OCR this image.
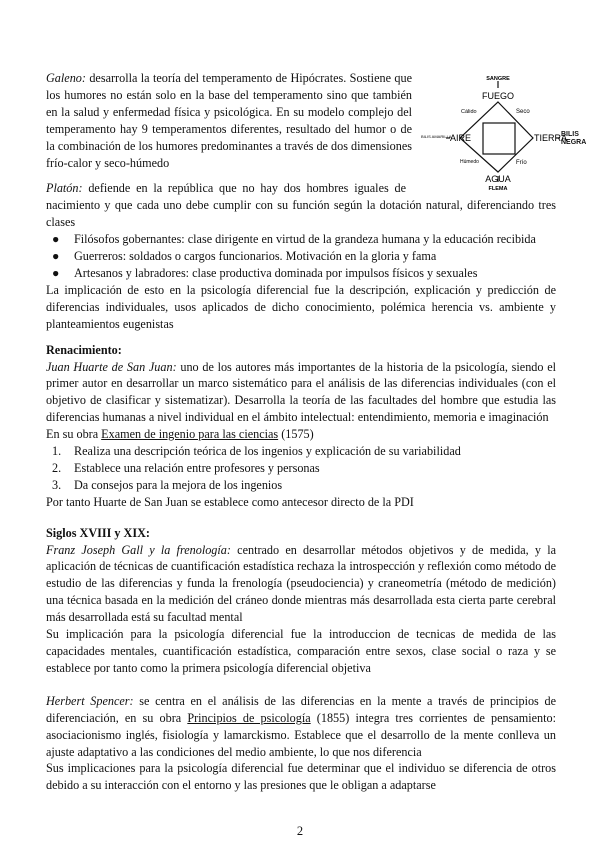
SANGRE
FUEGO
BILIS AMARILLA
AIRE	TIERRA
AGUA
FLEMA
Cálido	Seco
Húmedo	Frío
BILIS NEGRA

Galeno: desarrolla la teoría del temperamento de Hipócrates. Sostiene que los humores no están solo en la base del temperamento sino que también en la salud y enfermedad física y psicológica. En su modelo complejo del temperamento hay 9 temperamentos diferentes, resultado del humor o de la combinación de los humores predominantes a través de dos dimensiones frío-calor y seco-húmedo

Platón: defiende en la república que no hay dos hombres iguales de nacimiento y que cada uno debe cumplir con su función según la dotación natural, diferenciando tres clases

● Filósofos gobernantes: clase dirigente en virtud de la grandeza humana y la educación recibida
● Guerreros: soldados o cargos funcionarios. Motivación en la gloria y fama
● Artesanos y labradores: clase productiva dominada por impulsos físicos y sexuales

La implicación de esto en la psicología diferencial fue la descripción, explicación y predicción de diferencias individuales, usos aplicados de dicho conocimiento, polémica herencia vs. ambiente y planteamientos eugenistas

Renacimiento:

Juan Huarte de San Juan: uno de los autores más importantes de la historia de la psicología, siendo el primer autor en desarrollar un marco sistemático para el análisis de las diferencias individuales (con el objetivo de clasificar y sistematizar). Desarrolla la teoría de las facultades del hombre que estudia las diferencias humanas a nivel individual en el ámbito intelectual: entendimiento, memoria e imaginación

En su obra Examen de ingenio para las ciencias (1575)

1. Realiza una descripción teórica de los ingenios y explicación de su variabilidad
2. Establece una relación entre profesores y personas
3. Da consejos para la mejora de los ingenios

Por tanto Huarte de San Juan se establece como antecesor directo de la PDI

Siglos XVIII y XIX:

Franz Joseph Gall y la frenología: centrado en desarrollar métodos objetivos y de medida, y la aplicación de técnicas de cuantificación estadística rechaza la introspección y reflexión como método de estudio de las diferencias y funda la frenología (pseudociencia) y craneometría (método de medición) una técnica basada en la medición del cráneo donde mientras más desarrollada esta cierta parte cerebral más desarrollada está su facultad mental

Su implicación para la psicología diferencial fue la introduccion de tecnicas de medida de las capacidades mentales, cuantificación estadística, comparación entre sexos, clase social o raza y se establece por tanto como la primera psicología diferencial objetiva

Herbert Spencer: se centra en el análisis de las diferencias en la mente a través de principios de diferenciación, en su obra Principios de psicología (1855) integra tres corrientes de pensamiento: asociacionismo inglés, fisiología y lamarckismo. Establece que el desarrollo de la mente conlleva un ajuste adaptativo a las condiciones del medio ambiente, lo que nos diferencia

Sus implicaciones para la psicología diferencial fue determinar que el individuo se diferencia de otros debido a su interacción con el entorno y las presiones que le obligan a adaptarse

2
